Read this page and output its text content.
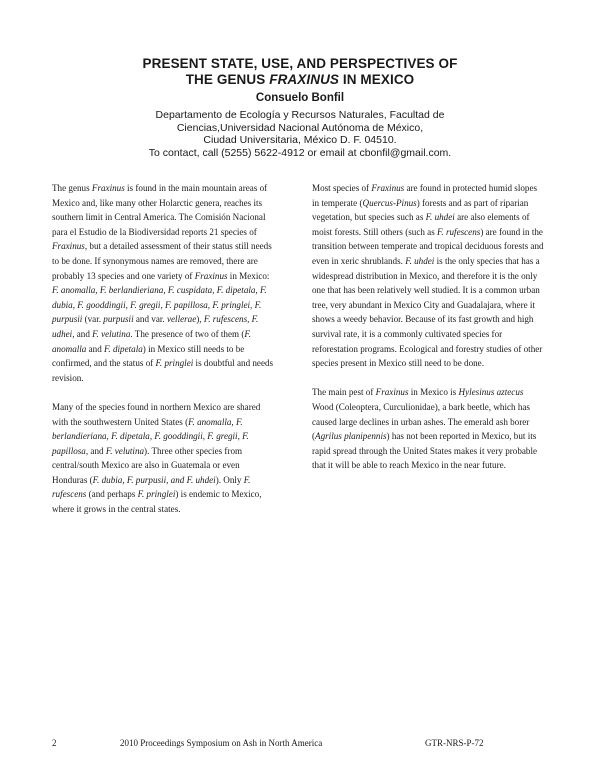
PRESENT STATE, USE, AND PERSPECTIVES OF
THE GENUS FRAXINUS IN MEXICO
Consuelo Bonfil
Departamento de Ecología y Recursos Naturales, Facultad de
Ciencias,Universidad Nacional Autónoma de México,
Ciudad Universitaria, México D. F. 04510.
To contact, call (5255) 5622-4912 or email at cbonfil@gmail.com.

The genus Fraxinus is found in the main mountain areas of Mexico and, like many other Holarctic genera, reaches its southern limit in Central America. The Comisión Nacional para el Estudio de la Biodiversidad reports 21 species of Fraxinus, but a detailed assessment of their status still needs to be done. If synonymous names are removed, there are probably 13 species and one variety of Fraxinus in Mexico: F. anomalla, F. berlandieriana, F. cuspidata, F. dipetala, F. dubia, F. gooddingii, F. gregii, F. papillosa, F. pringlei, F. purpusii (var. purpusii and var. vellerae), F. rufescens, F. udhei, and F. velutina. The presence of two of them (F. anomalla and F. dipetala) in Mexico still needs to be confirmed, and the status of F. pringlei is doubtful and needs revision.

Many of the species found in northern Mexico are shared with the southwestern United States (F. anomalla, F. berlandieriana, F. dipetala, F. gooddingii, F. gregii, F. papillosa, and F. velutina). Three other species from central/south Mexico are also in Guatemala or even Honduras (F. dubia, F. purpusii, and F. uhdei). Only F. rufescens (and perhaps F. pringlei) is endemic to Mexico, where it grows in the central states.

Most species of Fraxinus are found in protected humid slopes in temperate (Quercus-Pinus) forests and as part of riparian vegetation, but species such as F. uhdei are also elements of moist forests. Still others (such as F. rufescens) are found in the transition between temperate and tropical deciduous forests and even in xeric shrublands. F. uhdei is the only species that has a widespread distribution in Mexico, and therefore it is the only one that has been relatively well studied. It is a common urban tree, very abundant in Mexico City and Guadalajara, where it shows a weedy behavior. Because of its fast growth and high survival rate, it is a commonly cultivated species for reforestation programs. Ecological and forestry studies of other species present in Mexico still need to be done.

The main pest of Fraxinus in Mexico is Hylesinus aztecus Wood (Coleoptera, Curculionidae), a bark beetle, which has caused large declines in urban ashes. The emerald ash borer (Agrilus planipennis) has not been reported in Mexico, but its rapid spread through the United States makes it very probable that it will be able to reach Mexico in the near future.

2	2010 Proceedings Symposium on Ash in North America	GTR-NRS-P-72
